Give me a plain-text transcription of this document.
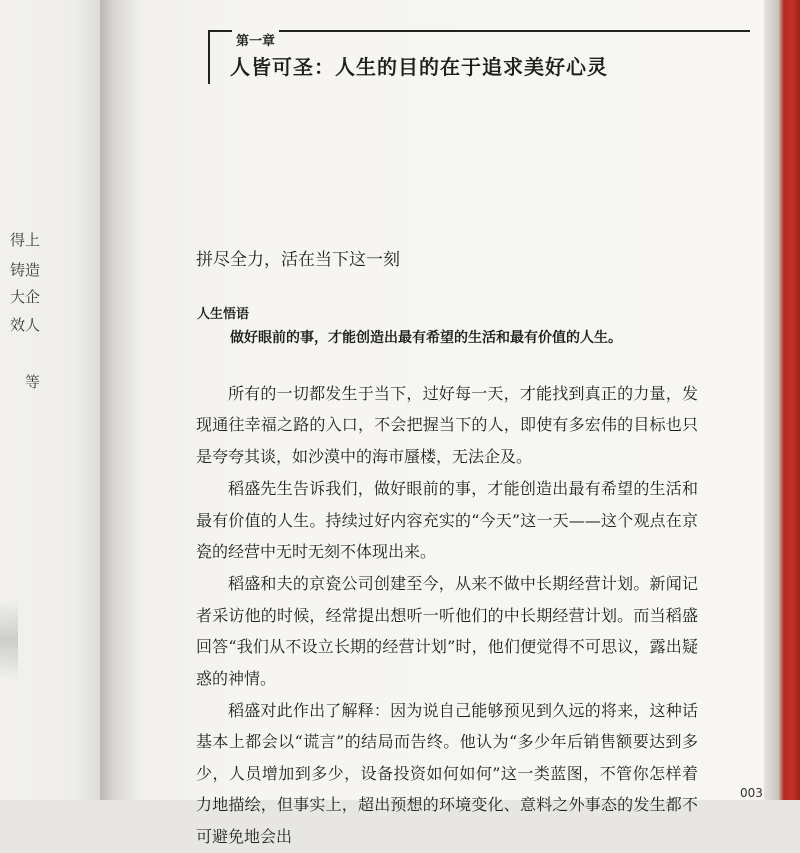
得上
铸造
大企
效人
等
第一章
人皆可圣：人生的目的在于追求美好心灵
拼尽全力，活在当下这一刻
人生悟语
做好眼前的事，才能创造出最有希望的生活和最有价值的人生。

所有的一切都发生于当下，过好每一天，才能找到真正的力量，发现通往幸福之路的入口，不会把握当下的人，即使有多宏伟的目标也只是夸夸其谈，如沙漠中的海市蜃楼，无法企及。

稻盛先生告诉我们，做好眼前的事，才能创造出最有希望的生活和最有价值的人生。持续过好内容充实的“今天”这一天——这个观点在京瓷的经营中无时无刻不体现出来。

稻盛和夫的京瓷公司创建至今，从来不做中长期经营计划。新闻记者采访他的时候，经常提出想听一听他们的中长期经营计划。而当稻盛回答“我们从不设立长期的经营计划”时，他们便觉得不可思议，露出疑惑的神情。

稻盛对此作出了解释：因为说自己能够预见到久远的将来，这种话基本上都会以“谎言”的结局而告终。他认为“多少年后销售额要达到多少，人员增加到多少，设备投资如何如何”这一类蓝图，不管你怎样着力地描绘，但事实上，超出预想的环境变化、意料之外事态的发生都不可避免地会出

003
